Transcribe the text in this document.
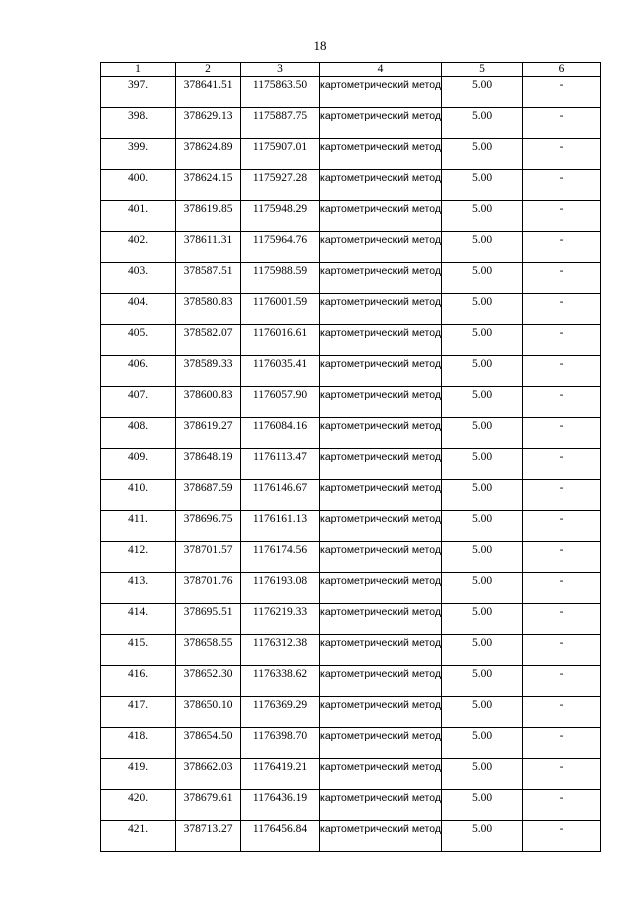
18
1	2	3	4	5	6
397.	378641.51	1175863.50	картометрический метод	5.00	-
398.	378629.13	1175887.75	картометрический метод	5.00	-
399.	378624.89	1175907.01	картометрический метод	5.00	-
400.	378624.15	1175927.28	картометрический метод	5.00	-
401.	378619.85	1175948.29	картометрический метод	5.00	-
402.	378611.31	1175964.76	картометрический метод	5.00	-
403.	378587.51	1175988.59	картометрический метод	5.00	-
404.	378580.83	1176001.59	картометрический метод	5.00	-
405.	378582.07	1176016.61	картометрический метод	5.00	-
406.	378589.33	1176035.41	картометрический метод	5.00	-
407.	378600.83	1176057.90	картометрический метод	5.00	-
408.	378619.27	1176084.16	картометрический метод	5.00	-
409.	378648.19	1176113.47	картометрический метод	5.00	-
410.	378687.59	1176146.67	картометрический метод	5.00	-
411.	378696.75	1176161.13	картометрический метод	5.00	-
412.	378701.57	1176174.56	картометрический метод	5.00	-
413.	378701.76	1176193.08	картометрический метод	5.00	-
414.	378695.51	1176219.33	картометрический метод	5.00	-
415.	378658.55	1176312.38	картометрический метод	5.00	-
416.	378652.30	1176338.62	картометрический метод	5.00	-
417.	378650.10	1176369.29	картометрический метод	5.00	-
418.	378654.50	1176398.70	картометрический метод	5.00	-
419.	378662.03	1176419.21	картометрический метод	5.00	-
420.	378679.61	1176436.19	картометрический метод	5.00	-
421.	378713.27	1176456.84	картометрический метод	5.00	-
